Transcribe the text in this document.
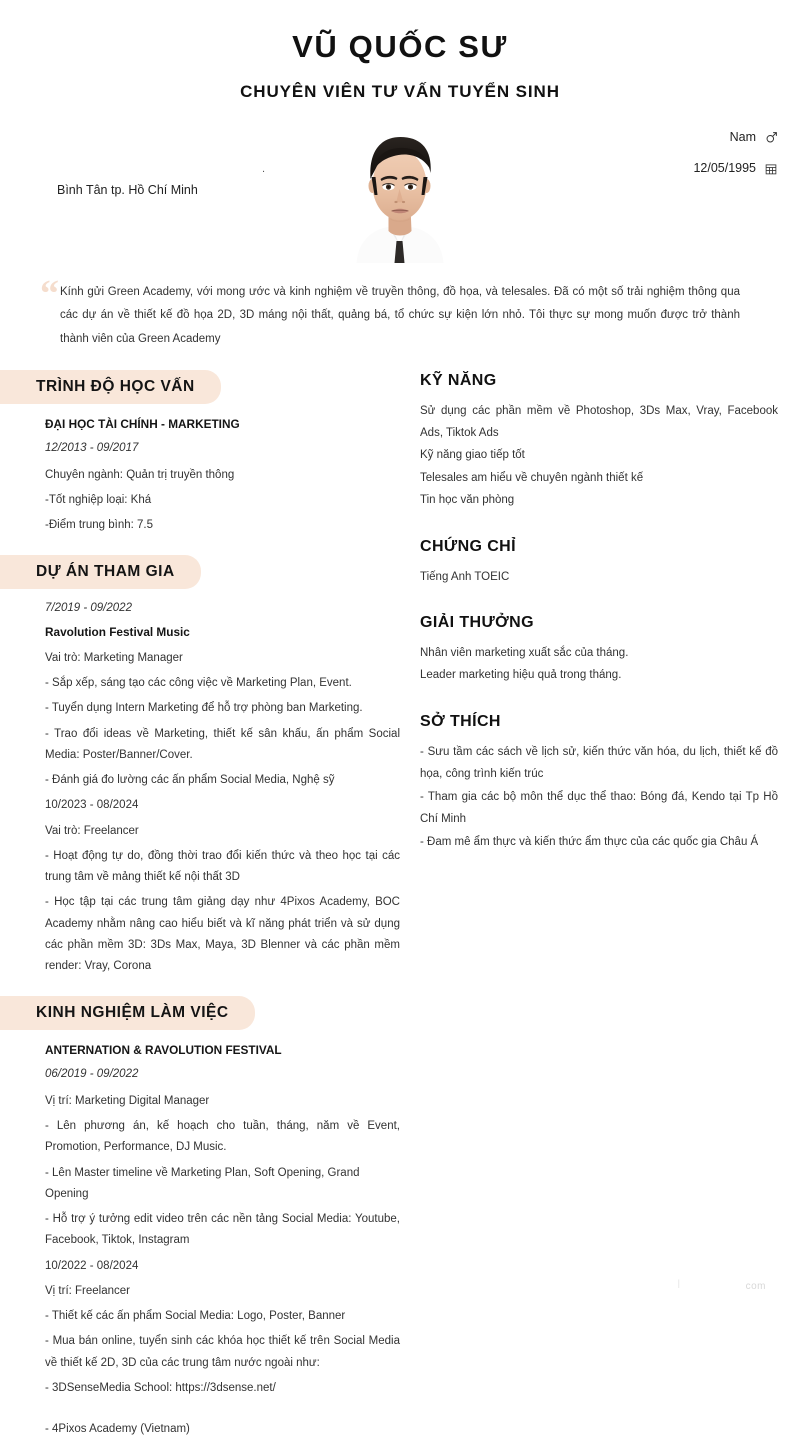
VŨ QUỐC SƯ
CHUYÊN VIÊN TƯ VẤN TUYỂN SINH
.
Bình Tân tp. Hồ Chí Minh
Nam
12/05/1995
“ Kính gửi Green Academy, với mong ước và kinh nghiệm về truyền thông, đồ họa, và telesales. Đã có một số trải nghiệm thông qua các dự án về thiết kế đồ họa 2D, 3D máng nội thất, quảng bá, tổ chức sự kiện lớn nhỏ. Tôi thực sự mong muốn được trở thành thành viên của Green Academy

TRÌNH ĐỘ HỌC VẤN
ĐẠI HỌC TÀI CHÍNH - MARKETING
12/2013 - 09/2017
Chuyên ngành: Quản trị truyền thông
-Tốt nghiệp loại: Khá
-Điểm trung bình: 7.5
DỰ ÁN THAM GIA
7/2019 - 09/2022
Ravolution Festival Music
Vai trò: Marketing Manager
- Sắp xếp, sáng tạo các công việc về Marketing Plan, Event.
- Tuyển dụng Intern Marketing để hỗ trợ phòng ban Marketing.
- Trao đổi ideas về Marketing, thiết kế sân khấu, ấn phẩm Social Media: Poster/Banner/Cover.
- Đánh giá đo lường các ấn phẩm Social Media, Nghệ sỹ
10/2023 - 08/2024
Vai trò: Freelancer
- Hoạt động tự do, đồng thời trao đổi kiến thức và theo học tại các trung tâm về mảng thiết kế nội thất 3D
- Học tập tại các trung tâm giảng dạy như 4Pixos Academy, BOC Academy nhằm nâng cao hiểu biết và kĩ năng phát triển và sử dụng các phần mềm 3D: 3Ds Max, Maya, 3D Blenner và các phần mềm render: Vray, Corona
KINH NGHIỆM LÀM VIỆC
ANTERNATION & RAVOLUTION FESTIVAL
06/2019 - 09/2022
Vị trí: Marketing Digital Manager
- Lên phương án, kế hoạch cho tuần, tháng, năm về Event, Promotion, Performance, DJ Music.
- Lên Master timeline về Marketing Plan, Soft Opening, Grand Opening
- Hỗ trợ ý tưởng edit video trên các nền tảng Social Media: Youtube, Facebook, Tiktok, Instagram
10/2022 - 08/2024
Vị trí: Freelancer
- Thiết kế các ấn phẩm Social Media: Logo, Poster, Banner
- Mua bán online, tuyển sinh các khóa học thiết kế trên Social Media về thiết kế 2D, 3D của các trung tâm nước ngoài như:
- 3DSenseMedia School: https://3dsense.net/
- 4Pixos Academy (Vietnam)
KỸ NĂNG

Sử dụng các phần mềm về Photoshop, 3Ds Max, Vray, Facebook Ads, Tiktok Ads

Kỹ năng giao tiếp tốt

Telesales am hiểu về chuyên ngành thiết kế

Tin học văn phòng

CHỨNG CHỈ

Tiếng Anh TOEIC

GIẢI THƯỞNG

Nhân viên marketing xuất sắc của tháng.

Leader marketing hiệu quả trong tháng.

SỞ THÍCH

- Sưu tầm các sách về lịch sử, kiến thức văn hóa, du lịch, thiết kế đồ họa, công trình kiến trúc

- Tham gia các bộ môn thể dục thể thao: Bóng đá, Kendo tại Tp Hồ Chí Minh

- Đam mê ẩm thực và kiến thức ẩm thực của các quốc gia Châu Á

|	com
